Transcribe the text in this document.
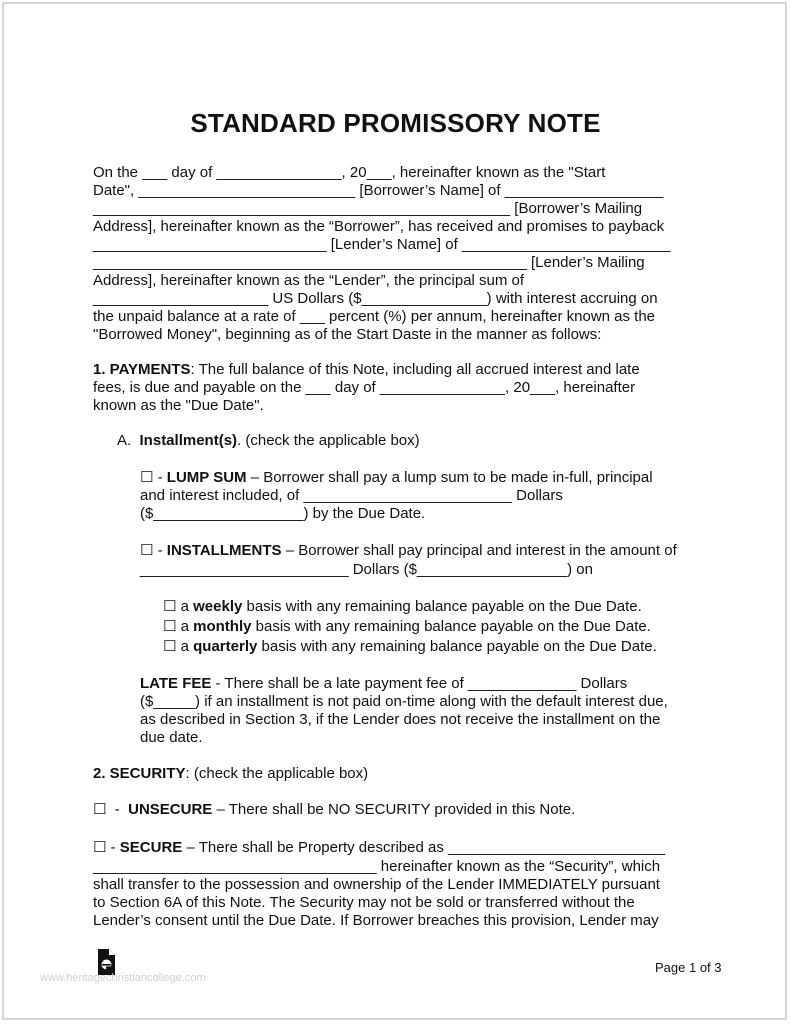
STANDARD PROMISSORY NOTE
On the ___ day of _______________, 20___, hereinafter known as the "Start
Date", __________________________ [Borrower’s Name] of ___________________
__________________________________________________ [Borrower’s Mailing
Address], hereinafter known as the “Borrower”, has received and promises to payback
____________________________ [Lender’s Name] of _________________________
____________________________________________________ [Lender’s Mailing
Address], hereinafter known as the “Lender”, the principal sum of
_____________________ US Dollars ($_______________) with interest accruing on
the unpaid balance at a rate of ___ percent (%) per annum, hereinafter known as the
"Borrowed Money", beginning as of the Start Daste in the manner as follows:
1. PAYMENTS: The full balance of this Note, including all accrued interest and late
fees, is due and payable on the ___ day of _______________, 20___, hereinafter
known as the "Due Date".
A.  Installment(s). (check the applicable box)
☐ - LUMP SUM – Borrower shall pay a lump sum to be made in-full, principal
and interest included, of _________________________ Dollars
($__________________) by the Due Date.
☐ - INSTALLMENTS – Borrower shall pay principal and interest in the amount of
_________________________ Dollars ($__________________) on
☐ a weekly basis with any remaining balance payable on the Due Date.
☐ a monthly basis with any remaining balance payable on the Due Date.
☐ a quarterly basis with any remaining balance payable on the Due Date.
LATE FEE - There shall be a late payment fee of _____________ Dollars
($_____) if an installment is not paid on-time along with the default interest due,
as described in Section 3, if the Lender does not receive the installment on the
due date.
2. SECURITY: (check the applicable box)
☐  -  UNSECURE – There shall be NO SECURITY provided in this Note.
☐ - SECURE – There shall be Property described as __________________________
__________________________________ hereinafter known as the “Security”, which
shall transfer to the possession and ownership of the Lender IMMEDIATELY pursuant
to Section 6A of this Note. The Security may not be sold or transferred without the
Lender’s consent until the Due Date. If Borrower breaches this provision, Lender may
www.heritagechristiancollege.com
Page 1 of 3
